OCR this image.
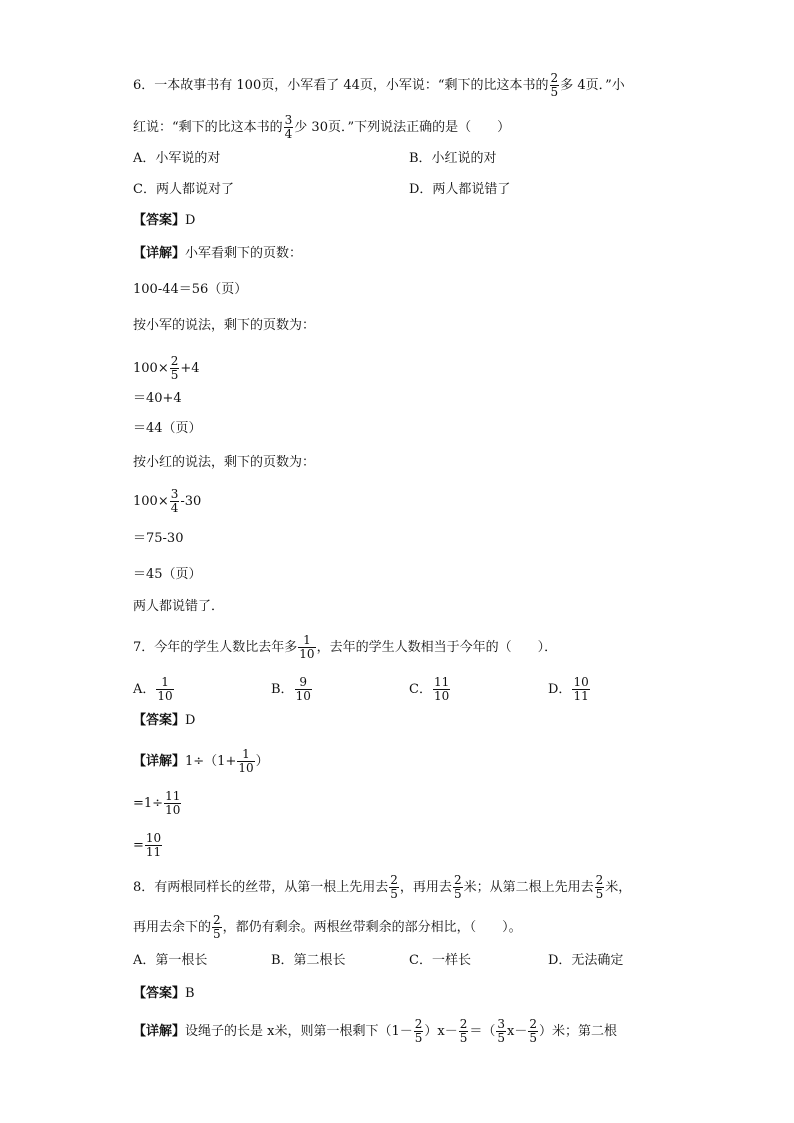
6．一本故事书有 100页，小军看了 44页，小军说：“剩下的比这本书的 $\frac{2}{5}$ 多 4页．”小
红说：“剩下的比这本书的 $\frac{3}{4}$ 少 30页．”下列说法正确的是（　　）
A．小军说的对	B．小红说的对
C．两人都说对了	D．两人都说错了
【答案】D
【详解】小军看剩下的页数：
100-44＝56（页）
按小军的说法，剩下的页数为：
$100\times \frac{2}{5} +4$
＝40+4
＝44（页）
按小红的说法，剩下的页数为：
$100\times \frac{3}{4} -30$
＝75-30
＝45（页）
两人都说错了．
7．今年的学生人数比去年多 $\frac{1}{10}$ ，去年的学生人数相当于今年的（　　）．
A． $\frac{1}{10}$	B． $\frac{9}{10}$	C． $\frac{11}{10}$	D． $\frac{10}{11}$
【答案】D
【详解】$1\div(1+ \frac{1}{10}$ ）
$=1\div \frac{11}{10}$
= $\frac{10}{11}$
8．有两根同样长的丝带，从第一根上先用去 $\frac{2}{5}$ ，再用去 $\frac{2}{5}$ 米；从第二根上先用去 $\frac{2}{5}$ 米，
再用去余下的 $\frac{2}{5}$ ，都仍有剩余。两根丝带剩余的部分相比，（　　）。
A．第一根长	B．第二根长	C．一样长	D．无法确定
【答案】B
【详解】设绳子的长是 x米，则第一根剩下$(1- \frac{2}{5} )x- \frac{2}{5}$ ＝（ $\frac{3}{5} x- \frac{2}{5}$ ）米；第二根
